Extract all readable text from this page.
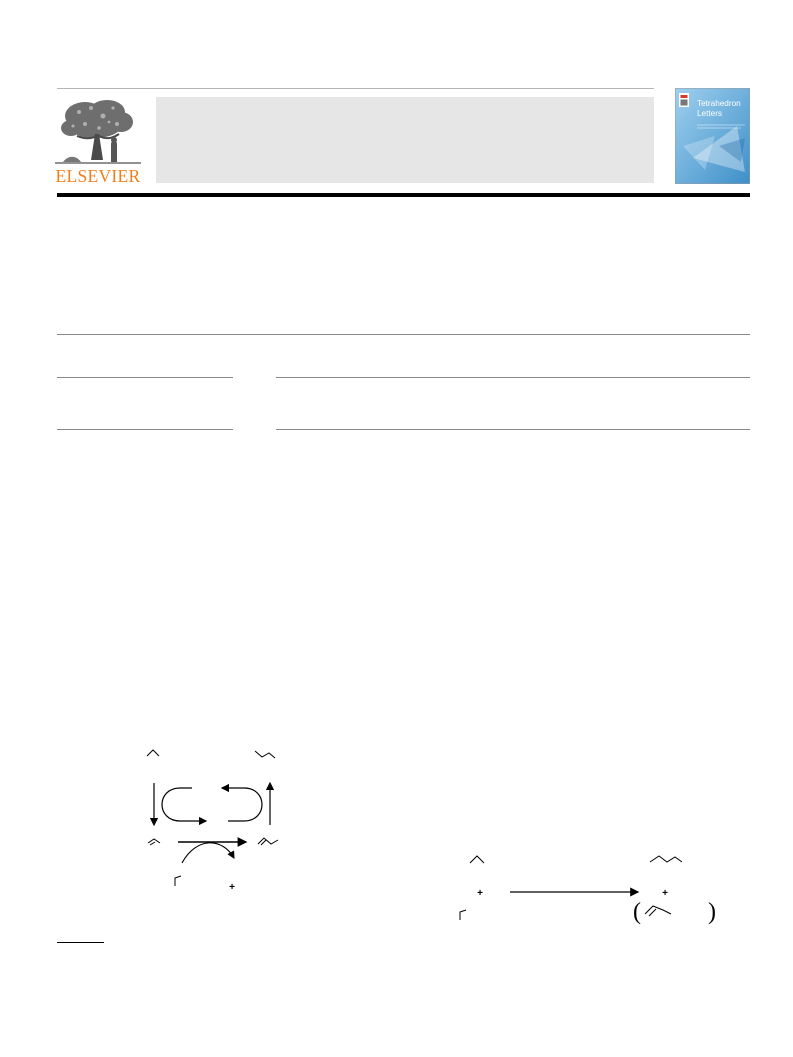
ELSEVIER
Tetrahedron Letters
+
+	+
(	)
